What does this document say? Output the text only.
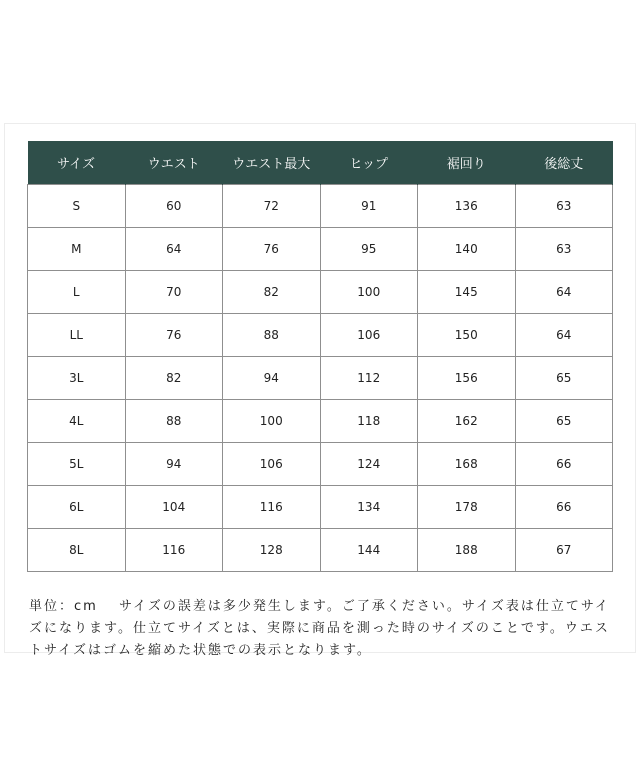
サイズ	ウエスト	ウエスト最大	ヒップ	裾回り	後総丈
S	60	72	91	136	63
M	64	76	95	140	63
L	70	82	100	145	64
LL	76	88	106	150	64
3L	82	94	112	156	65
4L	88	100	118	162	65
5L	94	106	124	168	66
6L	104	116	134	178	66
8L	116	128	144	188	67
単位：cm　 サイズの誤差は多少発生します。ご了承ください。サイズ表は仕立てサイズになります。仕立てサイズとは、実際に商品を測った時のサイズのことです。ウエストサイズはゴムを縮めた状態での表示となります。
